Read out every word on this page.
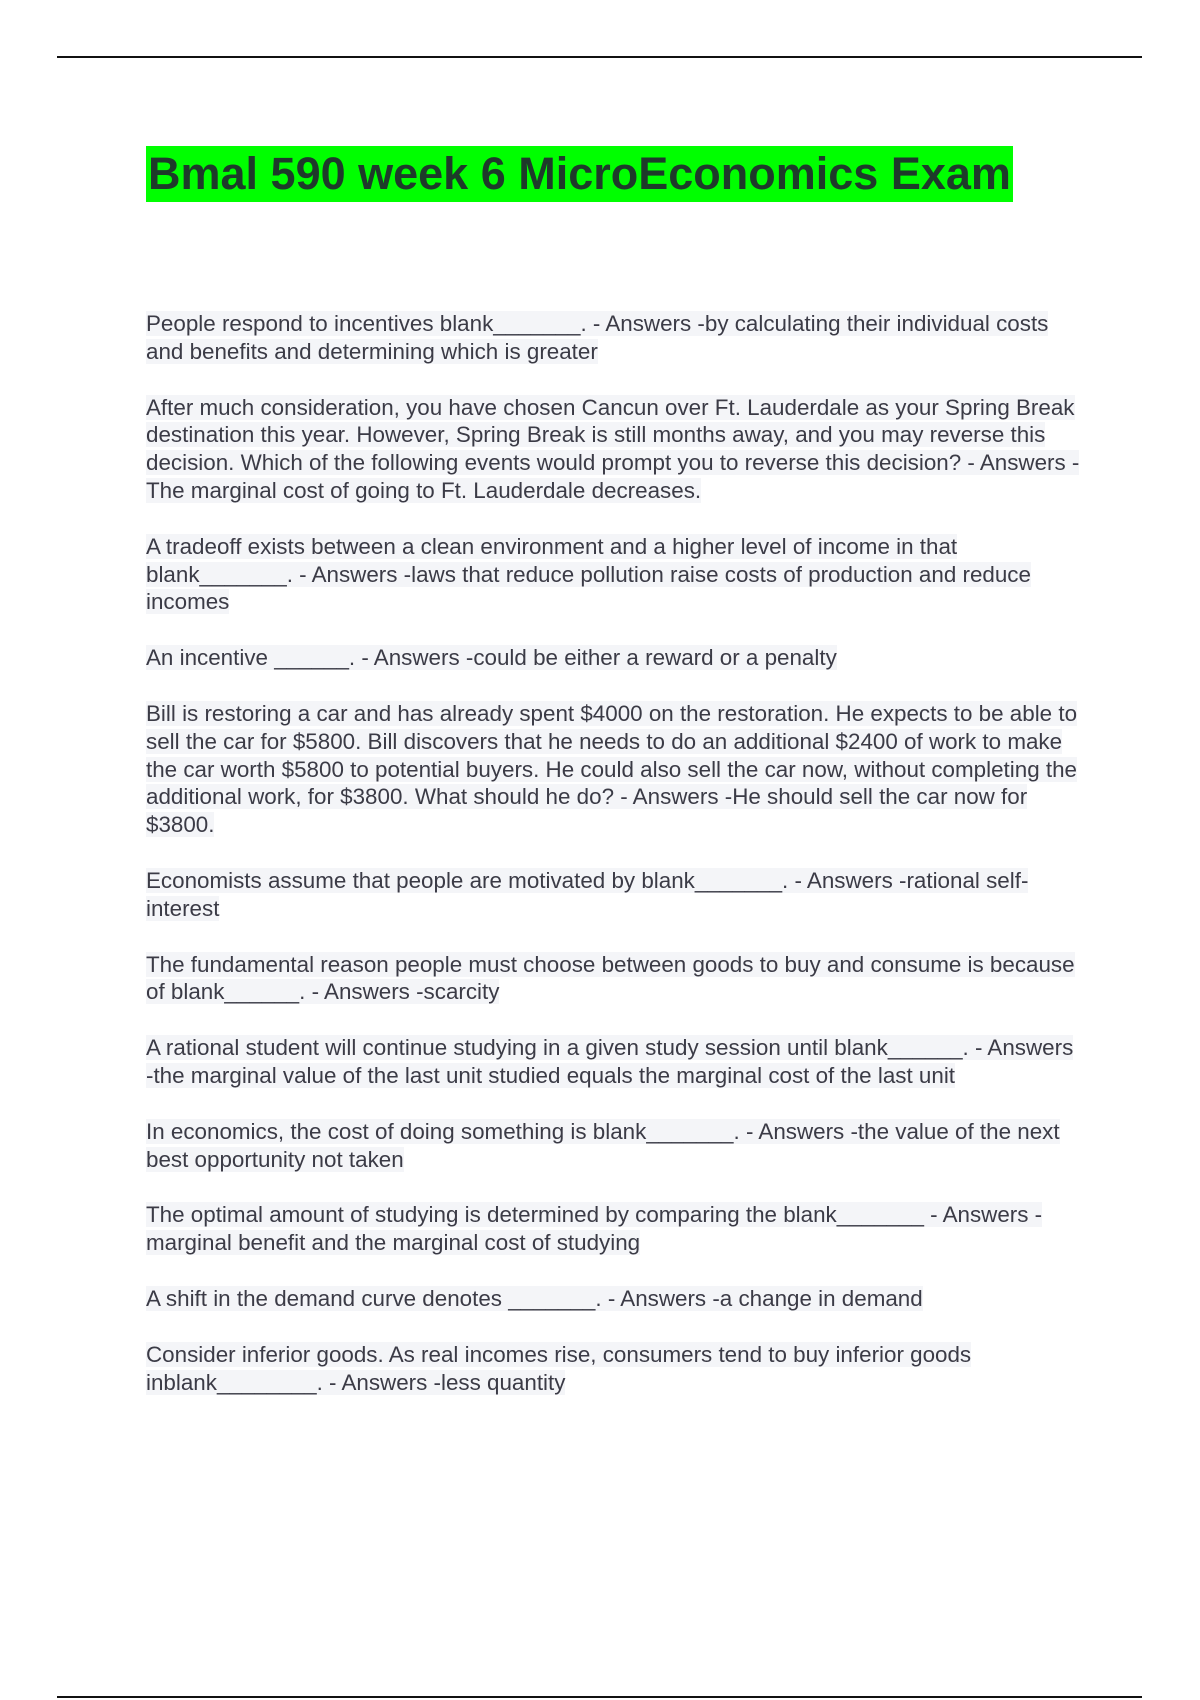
Bmal 590 week 6 MicroEconomics Exam

People respond to incentives blank_______. - Answers -by calculating their individual costs and benefits and determining which is greater

After much consideration, you have chosen Cancun over Ft. Lauderdale as your Spring Break destination this year. However, Spring Break is still months away, and you may reverse this decision. Which of the following events would prompt you to reverse this decision? - Answers -The marginal cost of going to Ft. Lauderdale decreases.

A tradeoff exists between a clean environment and a higher level of income in that blank_______. - Answers -laws that reduce pollution raise costs of production and reduce incomes

An incentive ______. - Answers -could be either a reward or a penalty

Bill is restoring a car and has already spent $4000 on the restoration. He expects to be able to sell the car for $5800. Bill discovers that he needs to do an additional $2400 of work to make the car worth $5800 to potential buyers. He could also sell the car now, without completing the additional work, for $3800. What should he do? - Answers -He should sell the car now for $3800.

Economists assume that people are motivated by blank_______. - Answers -rational self-interest

The fundamental reason people must choose between goods to buy and consume is because of blank______. - Answers -scarcity

A rational student will continue studying in a given study session until blank______. - Answers -the marginal value of the last unit studied equals the marginal cost of the last unit

In economics, the cost of doing something is blank_______. - Answers -the value of the next best opportunity not taken

The optimal amount of studying is determined by comparing the blank_______ - Answers -marginal benefit and the marginal cost of studying

A shift in the demand curve denotes _______. - Answers -a change in demand

Consider inferior goods. As real incomes rise, consumers tend to buy inferior goods inblank________. - Answers -less quantity
